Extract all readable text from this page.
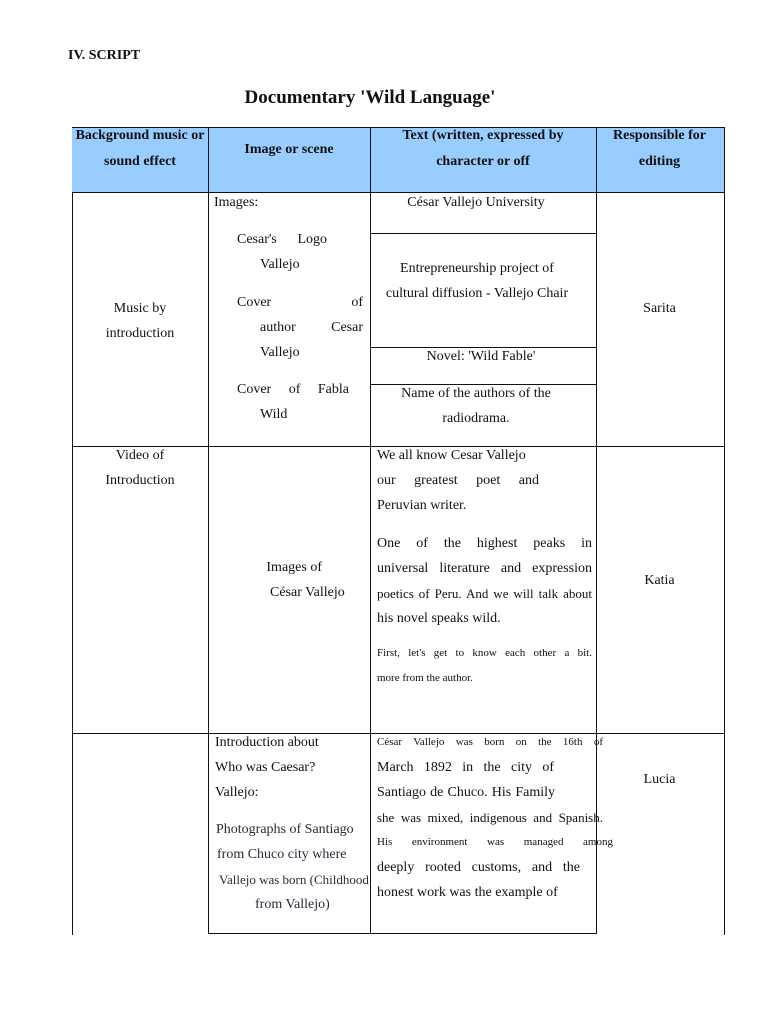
IV. SCRIPT
Documentary 'Wild Language'
Background music or
sound effect
Image or scene
Text (written, expressed by
character or off
Responsible for
editing
Music by
introduction
Images:
Cesar's Logo
Vallejo
Cover of
author Cesar
Vallejo
Cover of Fabla
Wild
César Vallejo University
Entrepreneurship project of
cultural diffusion - Vallejo Chair
Novel: 'Wild Fable'
Name of the authors of the
radiodrama.
Sarita
Video of
Introduction
  Images of
César Vallejo
We all know Cesar Vallejo
our greatest poet and
Peruvian writer.
One of the highest peaks in
universal literature and expression
poetics of Peru. And we will talk about
his novel speaks wild.
First, let's get to know each other a bit.
more from the author.
Katia
Introduction about
Who was Caesar?
Vallejo:
Photographs of Santiago
from Chuco city where
Vallejo was born (Childhood
from Vallejo)
César Vallejo was born on the 16th of
March 1892 in the city of
Santiago de Chuco. His Family
she was mixed, indigenous and Spanish.
His environment was managed among
deeply rooted customs, and the
honest work was the example of
Lucia
